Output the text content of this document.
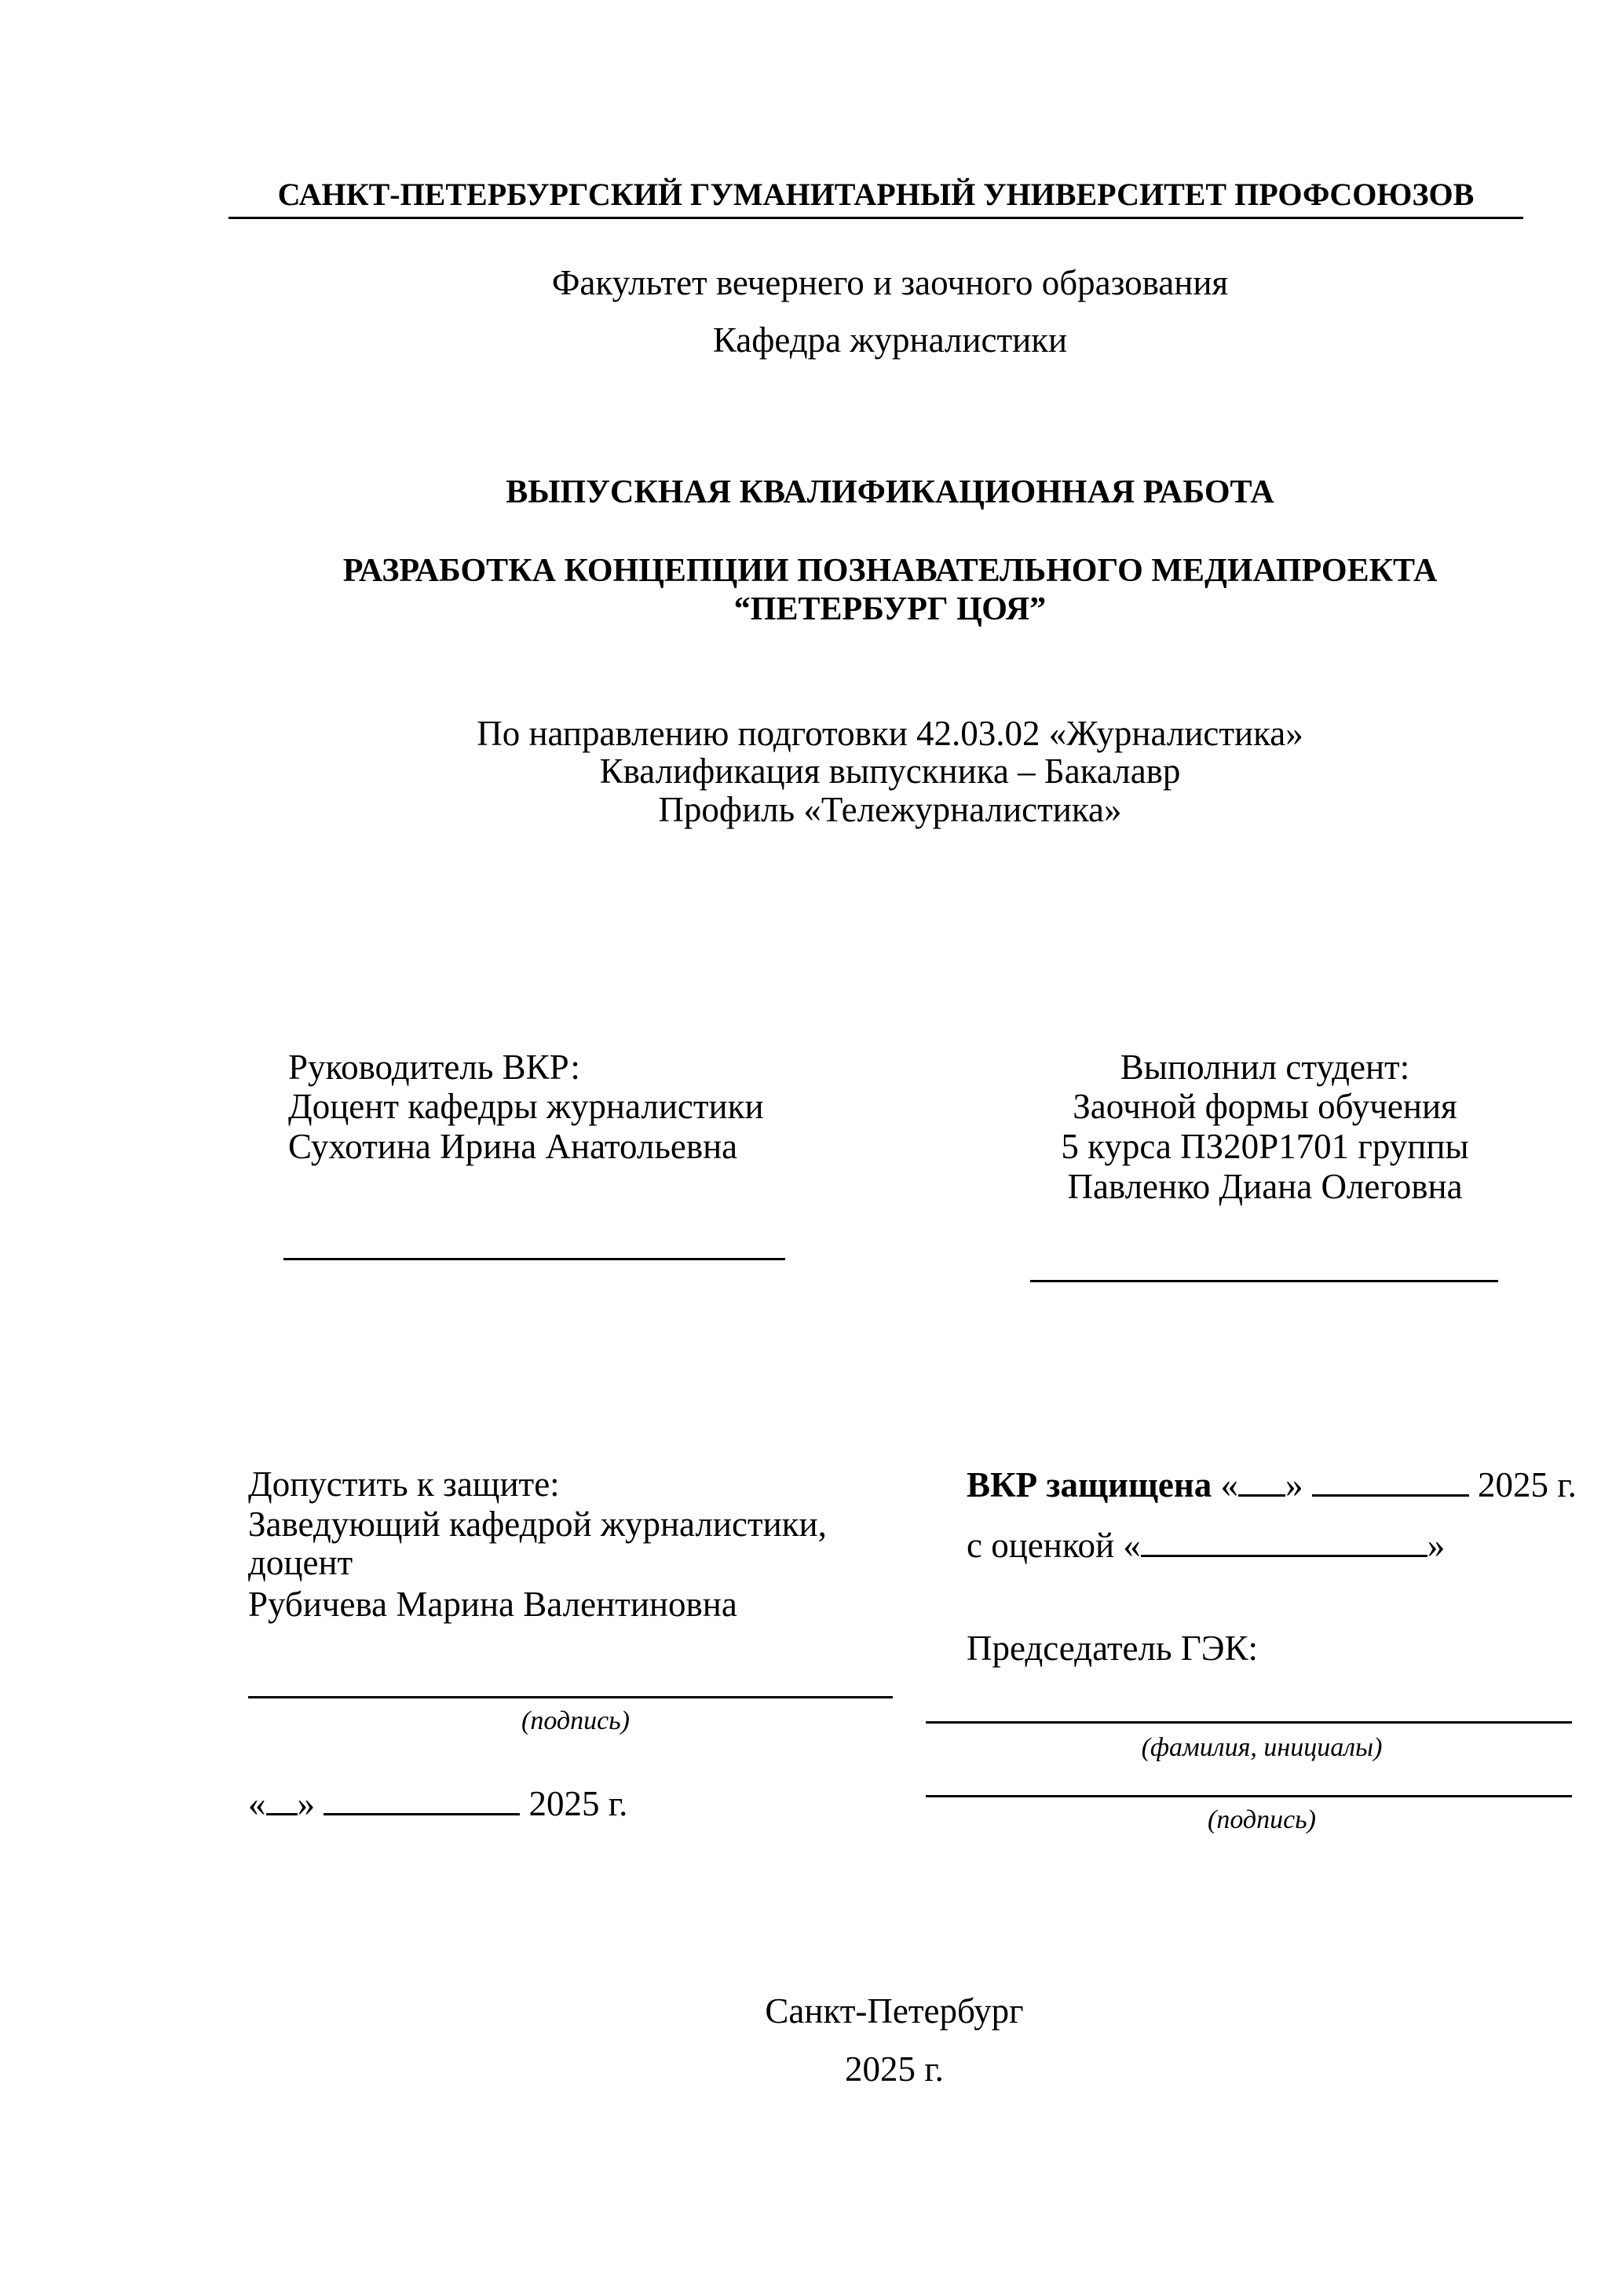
САНКТ-ПЕТЕРБУРГСКИЙ ГУМАНИТАРНЫЙ УНИВЕРСИТЕТ ПРОФСОЮЗОВ
Факультет вечернего и заочного образования
Кафедра журналистики
ВЫПУСКНАЯ КВАЛИФИКАЦИОННАЯ РАБОТА
РАЗРАБОТКА КОНЦЕПЦИИ ПОЗНАВАТЕЛЬНОГО МЕДИАПРОЕКТА
“ПЕТЕРБУРГ ЦОЯ”
По направлению подготовки 42.03.02 «Журналистика»
Квалификация выпускника – Бакалавр
Профиль «Тележурналистика»
Руководитель ВКР:
Доцент кафедры журналистики
Сухотина Ирина Анатольевна
Выполнил студент:
Заочной формы обучения
5 курса ПЗ20Р1701 группы
Павленко Диана Олеговна
Допустить к защите:
Заведующий кафедрой журналистики,
доцент
Рубичева Марина Валентиновна
(подпись)
« »	2025 г.
ВКР защищена « »	2025 г.
с оценкой «	»
Председатель ГЭК:
(фамилия, инициалы)
(подпись)
Санкт-Петербург
2025 г.
